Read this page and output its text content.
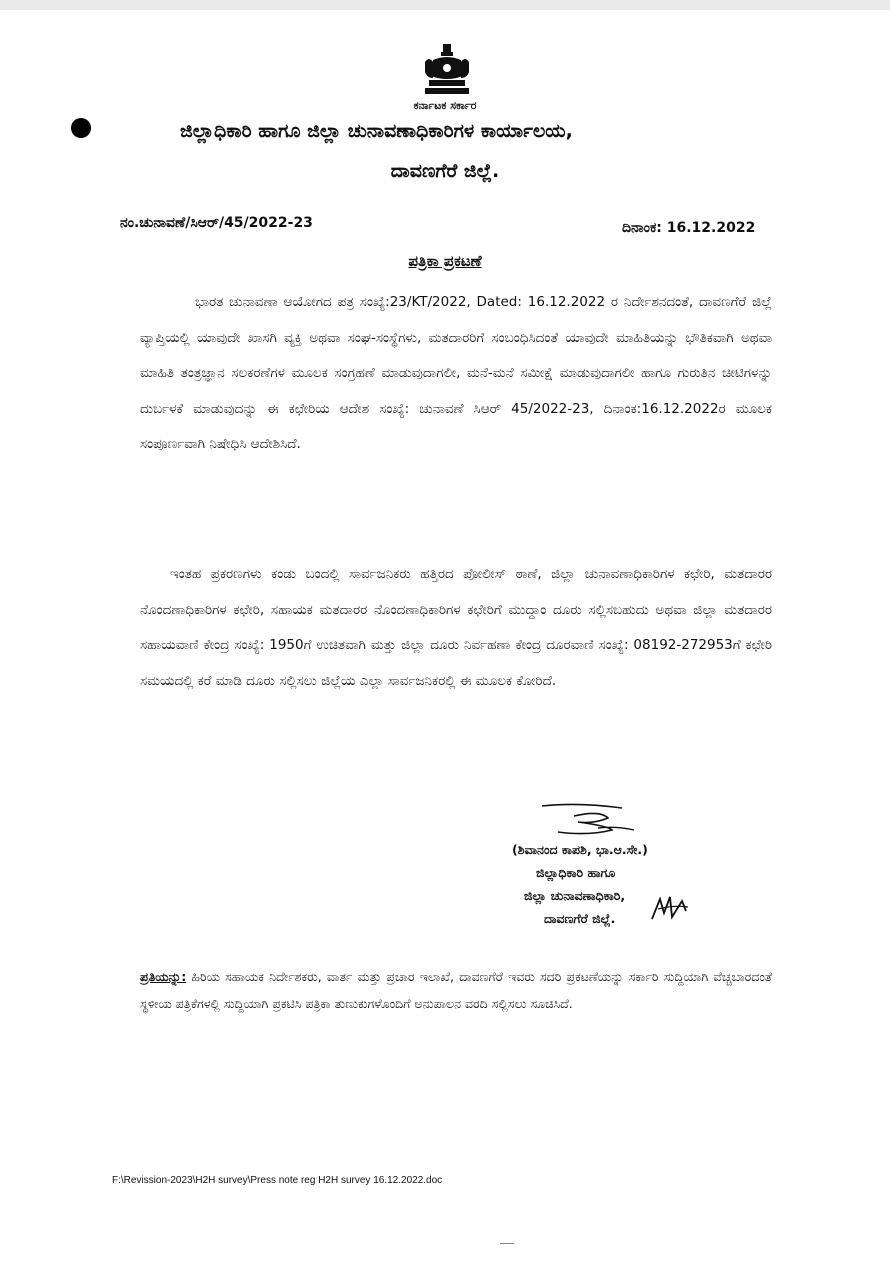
ಕರ್ನಾಟಕ ಸರ್ಕಾರ
ಜಿಲ್ಲಾಧಿಕಾರಿ ಹಾಗೂ ಜಿಲ್ಲಾ ಚುನಾವಣಾಧಿಕಾರಿಗಳ ಕಾರ್ಯಾಲಯ,
ದಾವಣಗೆರೆ ಜಿಲ್ಲೆ.
ನಂ.ಚುನಾವಣೆ/ಸಿಆರ್/45/2022-23	ದಿನಾಂಕ: 16.12.2022
ಪತ್ರಿಕಾ ಪ್ರಕಟಣೆ
ಭಾರತ ಚುನಾವಣಾ ಆಯೋಗದ ಪತ್ರ ಸಂಖ್ಯೆ:23/KT/2022, Dated: 16.12.2022 ರ ನಿರ್ದೇಶನದಂತೆ, ದಾವಣಗೆರೆ ಜಿಲ್ಲೆ ವ್ಯಾಪ್ತಿಯಲ್ಲಿ ಯಾವುದೇ ಖಾಸಗಿ ವ್ಯಕ್ತಿ ಅಥವಾ ಸಂಘ-ಸಂಸ್ಥೆಗಳು, ಮತದಾರರಿಗೆ ಸಂಬಂಧಿಸಿದಂತೆ ಯಾವುದೇ ಮಾಹಿತಿಯನ್ನು ಭೌತಿಕವಾಗಿ ಅಥವಾ ಮಾಹಿತಿ ತಂತ್ರಜ್ಞಾನ ಸಲಕರಣೆಗಳ ಮೂಲಕ ಸಂಗ್ರಹಣೆ ಮಾಡುವುದಾಗಲೀ, ಮನೆ-ಮನೆ ಸಮೀಕ್ಷೆ ಮಾಡುವುದಾಗಲೀ ಹಾಗೂ ಗುರುತಿನ ಚೀಟಿಗಳನ್ನು ದುರ್ಬಳಕೆ ಮಾಡುವುದನ್ನು ಈ ಕಛೇರಿಯ ಆದೇಶ ಸಂಖ್ಯೆ: ಚುನಾವಣೆ ಸಿಆರ್ 45/2022-23, ದಿನಾಂಕ:16.12.2022ರ ಮೂಲಕ ಸಂಪೂರ್ಣವಾಗಿ ನಿಷೇಧಿಸಿ ಆದೇಶಿಸಿದೆ.
ಇಂತಹ ಪ್ರಕರಣಗಳು ಕಂಡು ಬಂದಲ್ಲಿ ಸಾರ್ವಜನಿಕರು ಹತ್ತಿರದ ಪೋಲೀಸ್ ಠಾಣೆ, ಜಿಲ್ಲಾ ಚುನಾವಣಾಧಿಕಾರಿಗಳ ಕಛೇರಿ, ಮತದಾರರ ನೊಂದಣಾಧಿಕಾರಿಗಳ ಕಛೇರಿ, ಸಹಾಯಕ ಮತದಾರರ ನೊಂದಣಾಧಿಕಾರಿಗಳ ಕಛೇರಿಗೆ ಮುದ್ದಾಂ ದೂರು ಸಲ್ಲಿಸಬಹುದು ಅಥವಾ ಜಿಲ್ಲಾ ಮತದಾರರ ಸಹಾಯವಾಣಿ ಕೇಂದ್ರ ಸಂಖ್ಯೆ: 1950ಗೆ ಉಚಿತವಾಗಿ ಮತ್ತು ಜಿಲ್ಲಾ ದೂರು ನಿರ್ವಹಣಾ ಕೇಂದ್ರ ದೂರವಾಣಿ ಸಂಖ್ಯೆ: 08192-272953ಗೆ ಕಛೇರಿ ಸಮಯದಲ್ಲಿ ಕರೆ ಮಾಡಿ ದೂರು ಸಲ್ಲಿಸಲು ಜಿಲ್ಲೆಯ ಎಲ್ಲಾ ಸಾರ್ವಜನಿಕರಲ್ಲಿ ಈ ಮೂಲಕ ಕೋರಿದೆ.
(ಶಿವಾನಂದ ಕಾಪಶಿ, ಭಾ.ಆ.ಸೇ.)
ಜಿಲ್ಲಾಧಿಕಾರಿ ಹಾಗೂ
ಜಿಲ್ಲಾ ಚುನಾವಣಾಧಿಕಾರಿ,
ದಾವಣಗೆರೆ ಜಿಲ್ಲೆ.
ಪ್ರತಿಯನ್ನು: ಹಿರಿಯ ಸಹಾಯಕ ನಿರ್ದೇಶಕರು, ವಾರ್ತ ಮತ್ತು ಪ್ರಚಾರ ಇಲಾಖೆ, ದಾವಣಗೆರೆ ಇವರು ಸದರಿ ಪ್ರಕಟಣೆಯನ್ನು ಸರ್ಕಾರಿ ಸುದ್ದಿಯಾಗಿ ವೆಚ್ಚಬಾರದಂತೆ ಸ್ಥಳೀಯ ಪತ್ರಿಕೆಗಳಲ್ಲಿ ಸುದ್ದಿಯಾಗಿ ಪ್ರಕಟಿಸಿ ಪತ್ರಿಕಾ ತುಣುಕುಗಳೊಂದಿಗೆ ಅನುಪಾಲನ ವರದಿ ಸಲ್ಲಿಸಲು ಸೂಚಿಸಿದೆ.
F:\Revission-2023\H2H survey\Press note reg H2H survey 16.12.2022.doc
